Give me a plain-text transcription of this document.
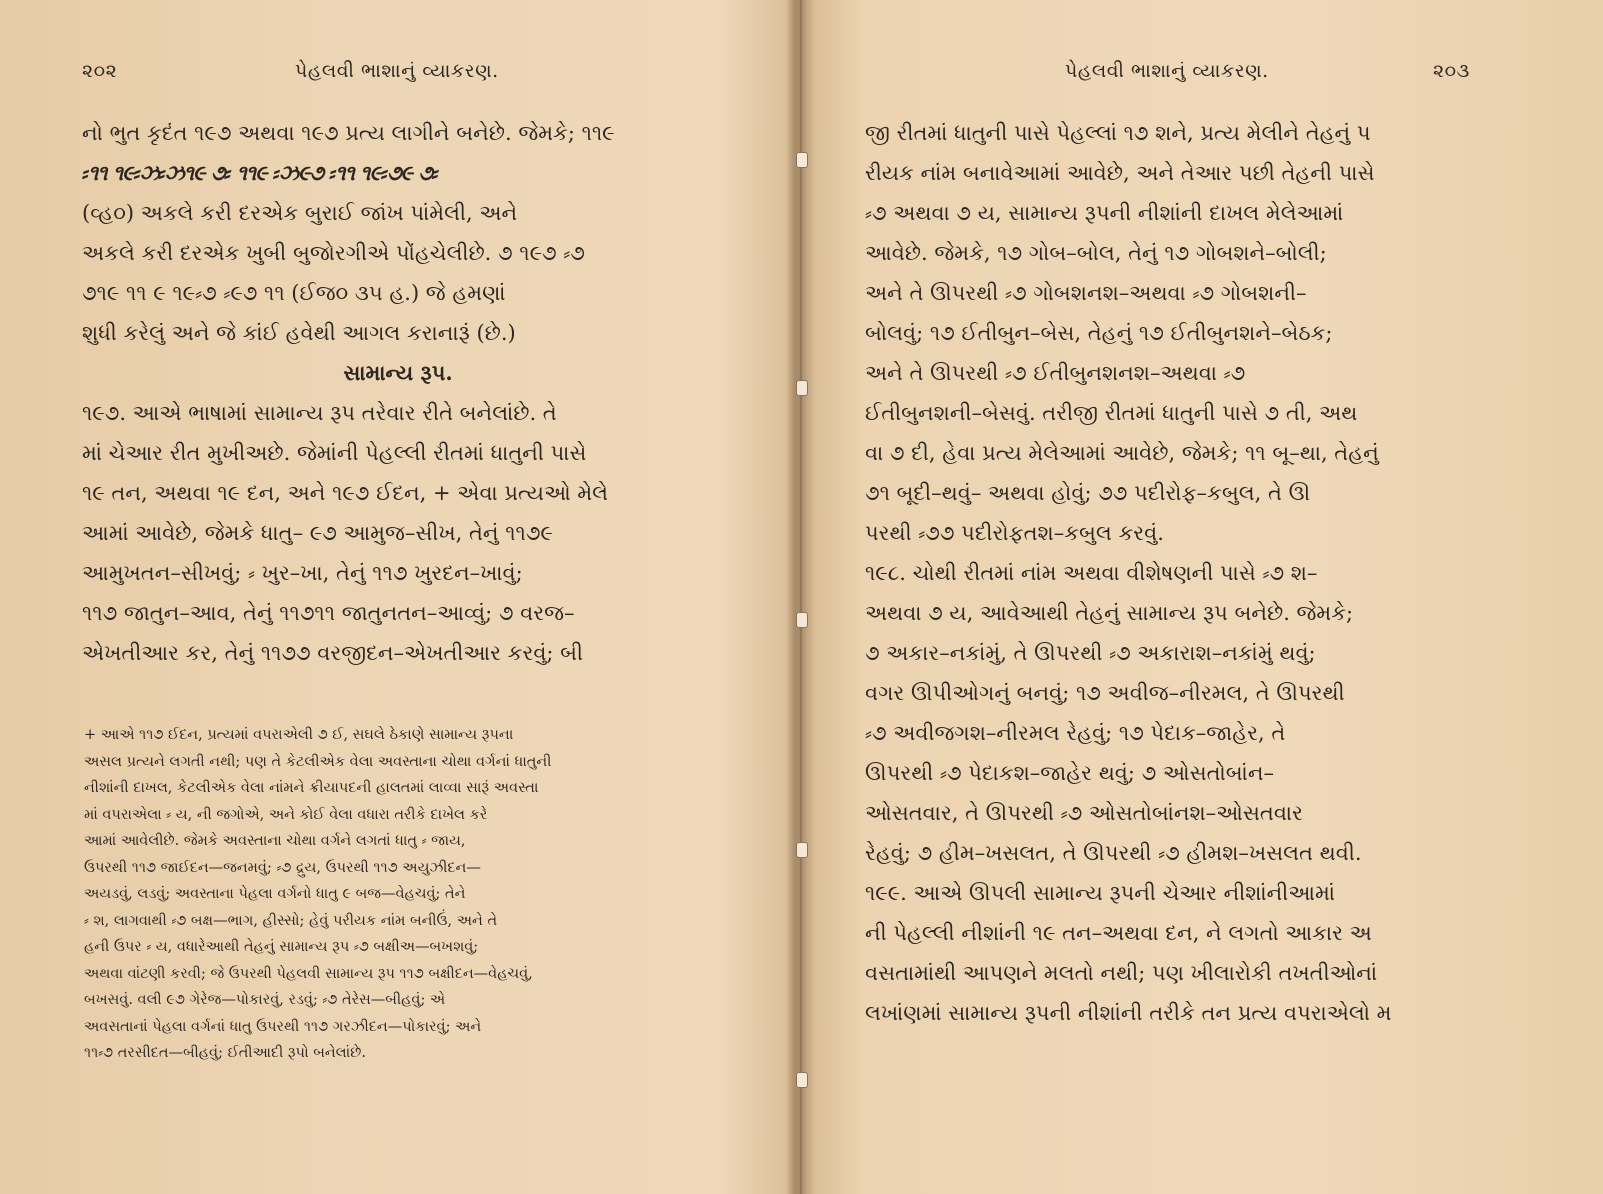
૨૦૨	પેહલવી ભાશાનું વ્યાકરણ.
નો ભુત કૃદંત ૧૯૭ અથવા ૧૯૭ પ્રત્ય લાગીને બનેછે. જેમકે; ૧૧૯
⸗૧૧ ૧૯⸗ઝ⸗ઝ૧૯ ૭⸗ ૧૧૯ ⸗ઝ૯૭ ⸗૧૧ ૧૯⸗૭૯ ૭⸗
(વ્હ૦) અકલે કરી દરએક બુરાઈ જાંખ પાંમેલી, અને
અકલે કરી દરએક ખુબી બુજોરગીએ પોંહચેલીછે. ૭ ૧૯૭ ⸗૭
૭૧૯ ૧૧ ૯ ૧૯⸗૭ ⸗૯૭ ૧૧ (ઈજ૦ ૩૫ હ.) જે હમણાં
શુધી કરેલું અને જે કાંઈ હવેથી આગલ કરાનારૂં (છે.)
સામાન્ય રૂપ.
૧૯૭. આએ ભાષામાં સામાન્ય રૂપ તરેવાર રીતે બનેલાંછે. તે
માં ચેઆર રીત મુખીઅછે. જેમાંની પેહલ્લી રીતમાં ધાતુની પાસે
૧૯ તન, અથવા ૧૯ દન, અને ૧૯૭ ઈદન, + એવા પ્રત્યઓ મેલે
આમાં આવેછે, જેમકે ધાતુ– ૯૭ આમુજ–સીખ, તેનું ૧૧૭૯
આમુખતન–સીખવું; ⸗ ખુર–ખા, તેનું ૧૧૭ ખુરદન–ખાવું;
૧૧૭ જાતુન–આવ, તેનું ૧૧૭૧૧ જાતુનતન–આવ્વું; ૭ વરજ–
એખતીઆર કર, તેનું ૧૧૭૭ વરજીદન–એખતીઆર કરવું; બી
+ આએ ૧૧૭ ઈદન, પ્રત્યમાં વપરાએલી ૭ ઈ, સઘલે ઠેકાણે સામાન્ય રૂપના
અસલ પ્રત્યને લગતી નથી; પણ તે કેટલીએક વેલા અવસ્તાના ચોથા વર્ગનાં ધાતુની
નીશાંની દાખલ, કેટલીએક વેલા નાંમને ક્રીયાપદની હાલતમાં લાવ્વા સારૂં અવસ્તા
માં વપરાએલા ⸗ ય, ની જગોએ, અને કોઈ વેલા વધારા તરીકે દાખેલ કરે
આમાં આવેલીછે. જેમકે અવસ્તાના ચોથા વર્ગને લગતાં ધાતુ ⸗ જાય,
ઉપરથી ૧૧૭ જાઈદન—જનમવું; ⸗૭ દ્રુય, ઉપરથી ૧૧૭ અયુઝીદન—
અયડવું, લડવું; અવસ્તાના પેહલા વર્ગનો ધાતુ ૯ બજ—વેહચવું; તેને
⸗ શ, લાગવાથી ⸗૭ બક્ષ—ભાગ, હીસ્સો; હેવું પરીયક નાંમ બનીઉં, અને તે
હની ઉપર ⸗ ય, વધારેઆથી તેહનું સામાન્ય રૂપ ⸗૭ બક્ષીઅ—બખશવું;
અથવા વાંટણી કરવી; જે ઉપરથી પેહલવી સામાન્ય રૂપ ૧૧૭ બક્ષીદન—વેહચવું,
બખસવું. વલી ૯૭ ગેરેજ—પોકારવું, રડવું; ⸗૭ તેરેસ—બીહવું; એ
અવસતાનાં પેહલા વર્ગનાં ધાતુ ઉપરથી ૧૧૭ ગરઝીદન—પોકારવું; અને
૧૧⸗૭ તરસીદત—બીહવું; ઈતીઆદી રૂપો બનેલાંછે.
પેહલવી ભાશાનું વ્યાકરણ.	૨૦૩
જી રીતમાં ધાતુની પાસે પેહલ્લાં ૧૭ શને, પ્રત્ય મેલીને તેહનું પ
રીયક નાંમ બનાવેઆમાં આવેછે, અને તેઆર પછી તેહની પાસે
⸗૭ અથવા ૭ ય, સામાન્ય રૂપની નીશાંની દાખલ મેલેઆમાં
આવેછે. જેમકે, ૧૭ ગોબ–બોલ, તેનું ૧૭ ગોબશને–બોલી;
અને તે ઊપરથી ⸗૭ ગોબશનશ–અથવા ⸗૭ ગોબશની–
બોલવું; ૧૭ ઈતીબુન–બેસ, તેહનું ૧૭ ઈતીબુનશને–બેઠક;
અને તે ઊપરથી ⸗૭ ઈતીબુનશનશ–અથવા ⸗૭
ઈતીબુનશની–બેસવું. તરીજી રીતમાં ધાતુની પાસે ૭ તી, અથ
વા ૭ દી, હેવા પ્રત્ય મેલેઆમાં આવેછે, જેમકે; ૧૧ બૂ–થા, તેહનું
૭૧ બૂદી–થવું– અથવા હોવું; ૭૭ પદીરોફ–કબુલ, તે ઊ
પરથી ⸗૭૭ પદીરોફતશ–કબુલ કરવું.
૧૯૮. ચોથી રીતમાં નાંમ અથવા વીશેષણની પાસે ⸗૭ શ–
અથવા ૭ ય, આવેઆથી તેહનું સામાન્ય રૂપ બનેછે. જેમકે;
૭ અકાર–નકાંમું, તે ઊપરથી ⸗૭ અકારાશ–નકાંમું થવું;
વગર ઊપીઓગનું બનવું; ૧૭ અવીજ–નીરમલ, તે ઊપરથી
⸗૭ અવીજગશ–નીરમલ રેહવું; ૧૭ પેદાક–જાહેર, તે
ઊપરથી ⸗૭ પેદાકશ–જાહેર થવું; ૭ ઓસતોબાંન–
ઓસતવાર, તે ઊપરથી ⸗૭ ઓસતોબાંનશ–ઓસતવાર
રેહવું; ૭ હીમ–ખસલત, તે ઊપરથી ⸗૭ હીમશ–ખસલત થવી.
૧૯૯. આએ ઊપલી સામાન્ય રૂપની ચેઆર નીશાંનીઆમાં
ની પેહલ્લી નીશાંની ૧૯ તન–અથવા દન, ને લગતો આકાર અ
વસતામાંથી આપણને મલતો નથી; પણ ખીલારોકી તખતીઓનાં
લખાંણમાં સામાન્ય રૂપની નીશાંની તરીકે તન પ્રત્ય વપરાએલો મ
